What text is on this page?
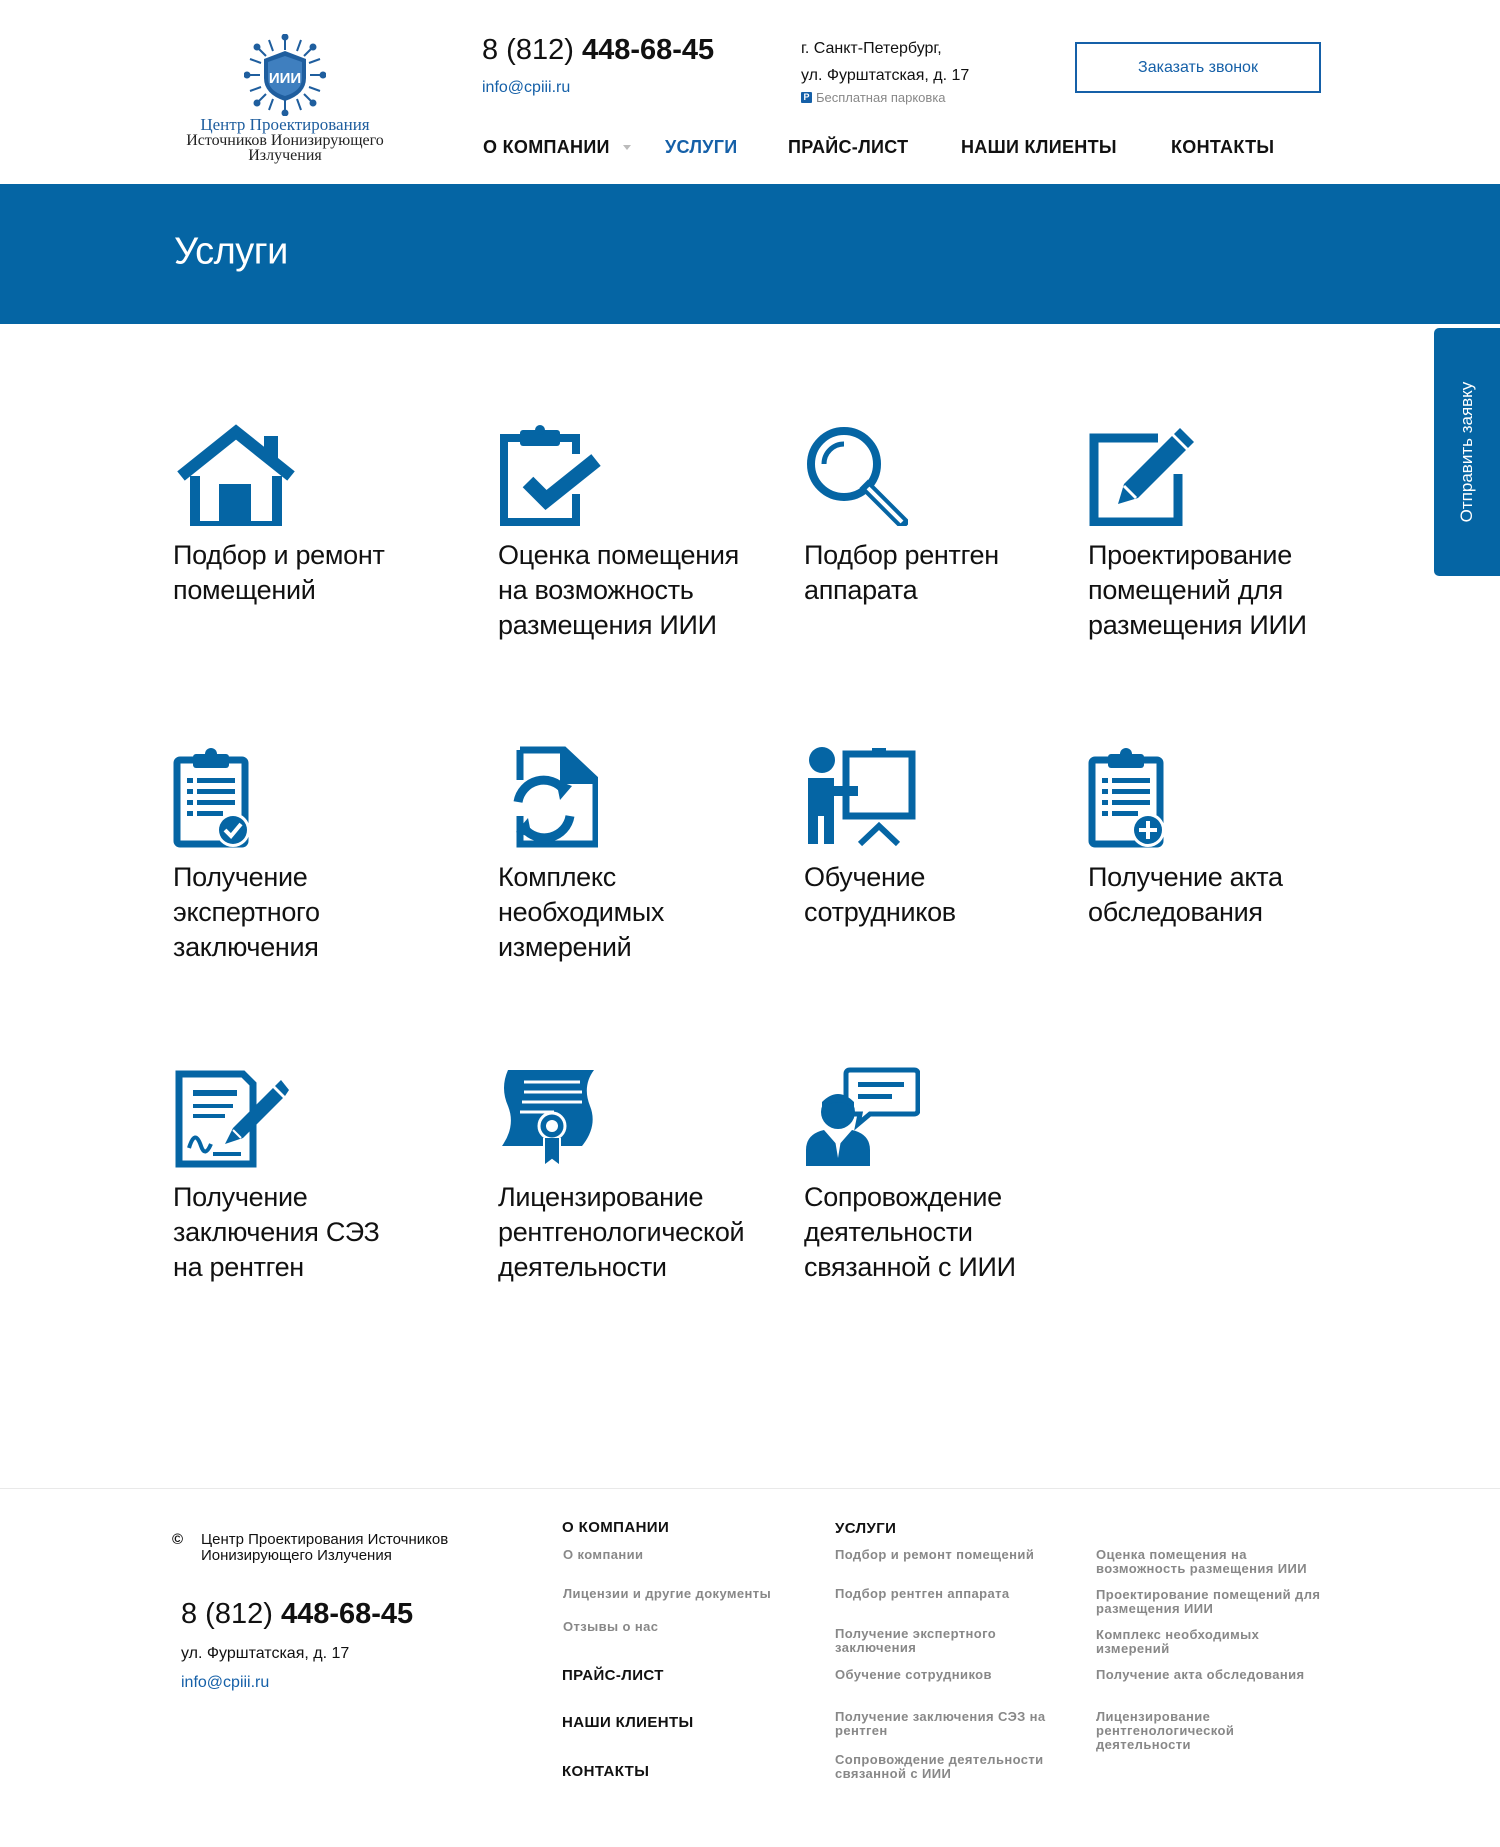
ИИИ
Центр Проектирования
Источников Ионизирующего
Излучения
8 (812) 448-68-45
info@cpiii.ru
г. Санкт-Петербург,
ул. Фурштатская, д. 17
P Бесплатная парковка
Заказать звонок
О КОМПАНИИ	УСЛУГИ	ПРАЙС-ЛИСТ	НАШИ КЛИЕНТЫ	КОНТАКТЫ
Услуги
Отправить заявку
Подбор и ремонт
помещений
Оценка помещения
на возможность
размещения ИИИ
Подбор рентген
аппарата
Проектирование
помещений для
размещения ИИИ
Получение
экспертного
заключения
Комплекс
необходимых
измерений
Обучение
сотрудников
Получение акта
обследования
Получение
заключения СЭЗ
на рентген
Лицензирование
рентгенологической
деятельности
Сопровождение
деятельности
связанной с ИИИ
©	Центр Проектирования Источников Ионизирующего Излучения
8 (812) 448-68-45
ул. Фурштатская, д. 17
info@cpiii.ru
О КОМПАНИИ
О компании
Лицензии и другие документы
Отзывы о нас
ПРАЙС-ЛИСТ
НАШИ КЛИЕНТЫ
КОНТАКТЫ
УСЛУГИ
Подбор и ремонт помещений
Подбор рентген аппарата
Получение экспертного заключения
Обучение сотрудников
Получение заключения СЭЗ на рентген
Сопровождение деятельности связанной с ИИИ
Оценка помещения на возможность размещения ИИИ
Проектирование помещений для размещения ИИИ
Комплекс необходимых измерений
Получение акта обследования
Лицензирование рентгенологической деятельности
